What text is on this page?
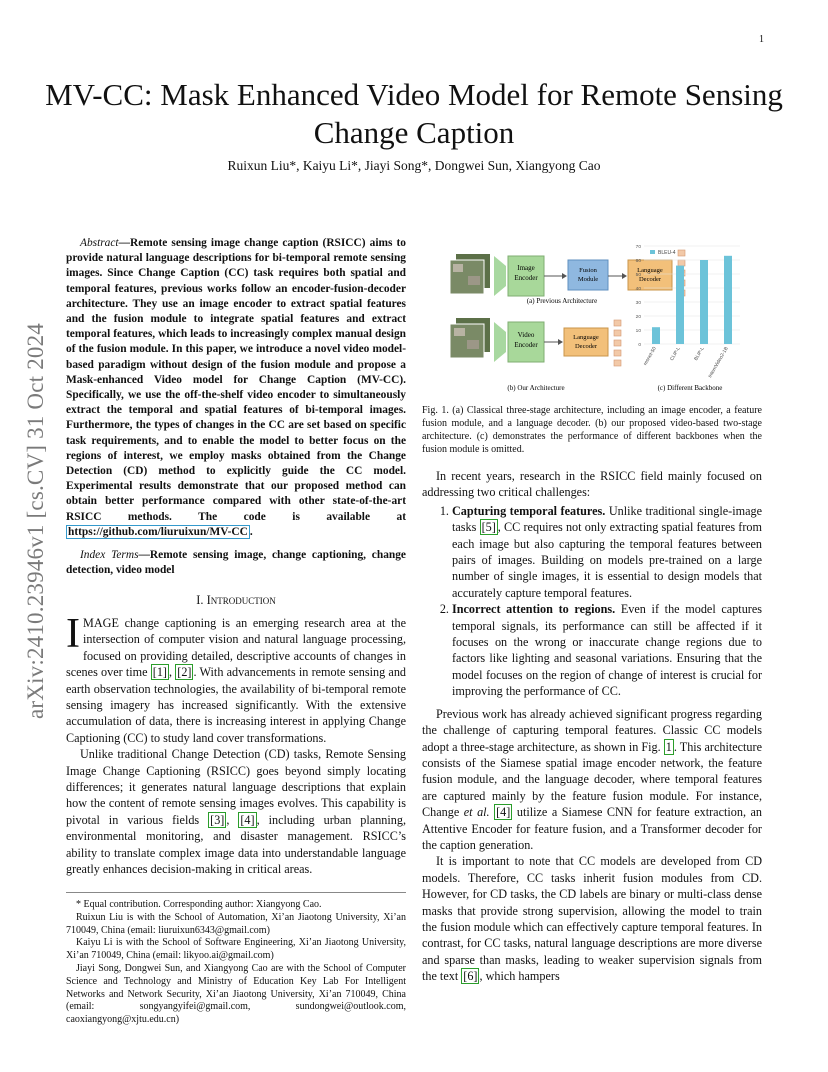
1
MV-CC: Mask Enhanced Video Model for Remote Sensing Change Caption
Ruixun Liu*, Kaiyu Li*, Jiayi Song*, Dongwei Sun, Xiangyong Cao
arXiv:2410.23946v1 [cs.CV] 31 Oct 2024

Abstract—Remote sensing image change caption (RSICC) aims to provide natural language descriptions for bi-temporal remote sensing images. Since Change Caption (CC) task requires both spatial and temporal features, previous works follow an encoder-fusion-decoder architecture. They use an image encoder to extract spatial features and the fusion module to integrate spatial features and extract temporal features, which leads to increasingly complex manual design of the fusion module. In this paper, we introduce a novel video model-based paradigm without design of the fusion module and propose a Mask-enhanced Video model for Change Caption (MV-CC). Specifically, we use the off-the-shelf video encoder to simultaneously extract the temporal and spatial features of bi-temporal images. Furthermore, the types of changes in the CC are set based on specific task requirements, and to enable the model to better focus on the regions of interest, we employ masks obtained from the Change Detection (CD) method to explicitly guide the CC model. Experimental results demonstrate that our proposed method can obtain better performance compared with other state-of-the-art RSICC methods. The code is available at https://github.com/liuruixun/MV-CC .

Index Terms—Remote sensing image, change captioning, change detection, video model

I. Introduction

IMAGE change captioning is an emerging research area at the intersection of computer vision and natural language processing, focused on providing detailed, descriptive accounts of changes in scenes over time [1] , [2] . With advancements in remote sensing and earth observation technologies, the availability of bi-temporal remote sensing imagery has increased significantly. With the extensive accumulation of data, there is increasing interest in applying Change Captioning (CC) to study land cover transformations.

Unlike traditional Change Detection (CD) tasks, Remote Sensing Image Change Captioning (RSICC) goes beyond simply locating differences; it generates natural language descriptions that explain how the content of remote sensing images evolves. This capability is pivotal in various fields [3] , [4] , including urban planning, environmental monitoring, and disaster management. RSICC’s ability to translate complex image data into understandable language greatly enhances decision-making in critical areas.

* Equal contribution. Corresponding author: Xiangyong Cao.

Ruixun Liu is with the School of Automation, Xi’an Jiaotong University, Xi’an 710049, China (email: liuruixun6343@gmail.com)

Kaiyu Li is with the School of Software Engineering, Xi’an Jiaotong University, Xi’an 710049, China (email: likyoo.ai@gmail.com)

Jiayi Song, Dongwei Sun, and Xiangyong Cao are with the School of Computer Science and Technology and Ministry of Education Key Lab For Intelligent Networks and Network Security, Xi’an Jiaotong University, Xi’an 710049, China (email: songyangyifei@gmail.com, sundongwei@outlook.com, caoxiangyong@xjtu.edu.cn)

Image Encoder
Fusion Module
Language Decoder
(a) Previous Architecture
Video Encoder
Language Decoder
(b) Our Architecture
70
60
50
40
30
20
10
0
resnet-50	CLIP-L	BLIP-L InternVideo2-1B
BLEU-4
(c) Different Backbone
Fig. 1. (a) Classical three-stage architecture, including an image encoder, a feature fusion module, and a language decoder. (b) our proposed video-based two-stage architecture. (c) demonstrates the performance of different backbones when the fusion module is omitted.

In recent years, research in the RSICC field mainly focused on addressing two critical challenges:

1. Capturing temporal features. Unlike traditional single-image tasks [5] , CC requires not only extracting spatial features from each image but also capturing the temporal features between pairs of images. Building on models pre-trained on a large number of single images, it is essential to design models that accurately capture temporal features.
2. Incorrect attention to regions. Even if the model captures temporal signals, its performance can still be affected if it focuses on the wrong or inaccurate change regions due to factors like lighting and seasonal variations. Ensuring that the model focuses on the region of change of interest is crucial for improving the performance of CC.

Previous work has already achieved significant progress regarding the challenge of capturing temporal features. Classic CC models adopt a three-stage architecture, as shown in Fig. 1 . This architecture consists of the Siamese spatial image encoder network, the feature fusion module, and the language decoder, where temporal features are captured mainly by the feature fusion module. For instance, Change et al. [4] utilize a Siamese CNN for feature extraction, an Attentive Encoder for feature fusion, and a Transformer decoder for the caption generation.

It is important to note that CC models are developed from CD models. Therefore, CC tasks inherit fusion modules from CD. However, for CD tasks, the CD labels are binary or multi-class dense masks that provide strong supervision, allowing the model to train the fusion module which can effectively capture temporal features. In contrast, for CC tasks, natural language descriptions are more diverse and sparse than masks, leading to weaker supervision signals from the text [6] , which hampers
